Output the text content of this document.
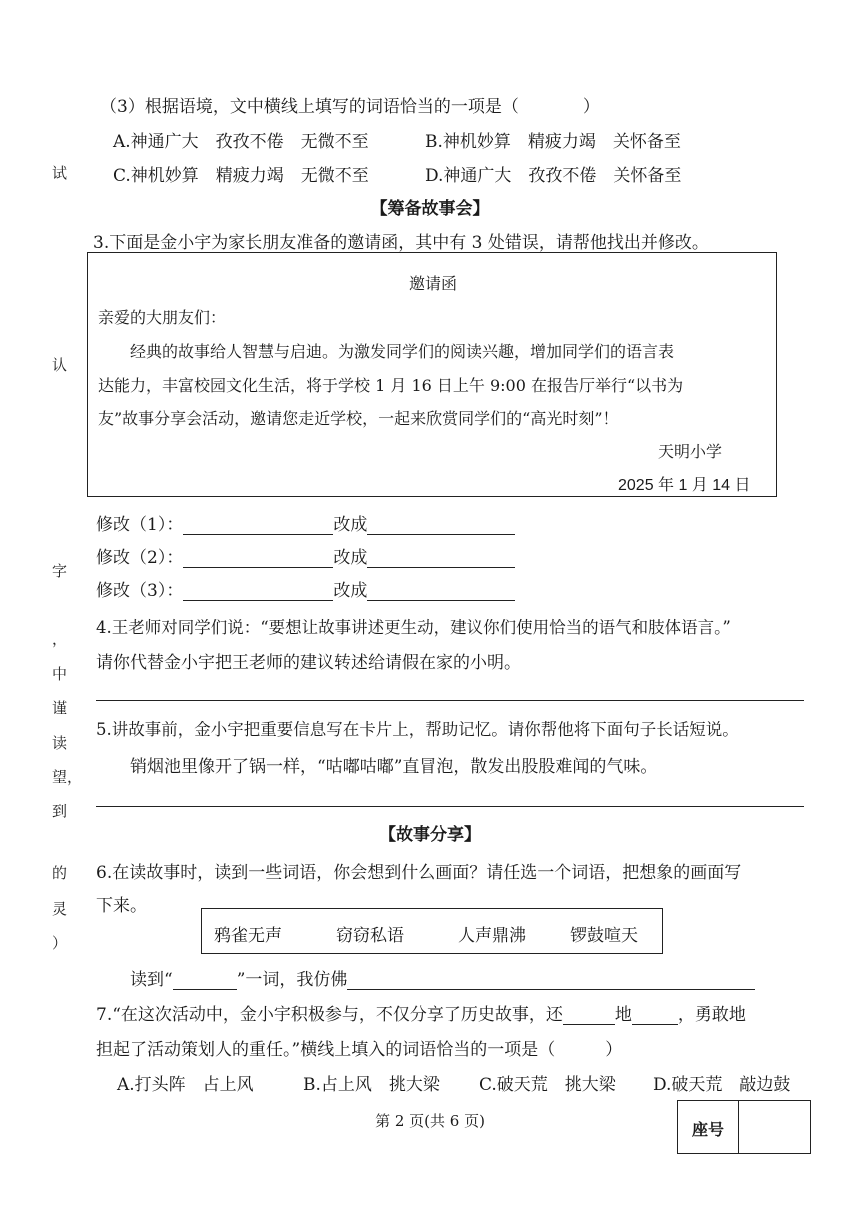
试
认
字
，
中
谨
读
望，
到
的
灵
）
（3）根据语境，文中横线上填写的词语恰当的一项是（	）
A.神通广大　孜孜不倦　无微不至	B.神机妙算　精疲力竭　关怀备至
C.神机妙算　精疲力竭　无微不至	D.神通广大　孜孜不倦　关怀备至
【筹备故事会】
3.下面是金小宇为家长朋友准备的邀请函，其中有 3 处错误，请帮他找出并修改。
邀请函
亲爱的大朋友们：
经典的故事给人智慧与启迪。为激发同学们的阅读兴趣，增加同学们的语言表
达能力，丰富校园文化生活，将于学校 1 月 16 日上午 9:00 在报告厅举行“以书为
友”故事分享会活动，邀请您走近学校，一起来欣赏同学们的“高光时刻”！
天明小学
2025 年 1 月 14 日
修改（1）：	改成
修改（2）：	改成
修改（3）：	改成
4.王老师对同学们说：“要想让故事讲述更生动，建议你们使用恰当的语气和肢体语言。”
请你代替金小宇把王老师的建议转述给请假在家的小明。
5.讲故事前，金小宇把重要信息写在卡片上，帮助记忆。请你帮他将下面句子长话短说。
销烟池里像开了锅一样，“咕嘟咕嘟”直冒泡，散发出股股难闻的气味。
【故事分享】
6.在读故事时，读到一些词语，你会想到什么画面？请任选一个词语，把想象的画面写
下来。
鸦雀无声	窃窃私语	人声鼎沸	锣鼓喧天
读到“	”一词，我仿佛
7.“在这次活动中，金小宇积极参与，不仅分享了历史故事，还	地	，勇敢地
担起了活动策划人的重任。”横线上填入的词语恰当的一项是（	）
A.打头阵　占上风	B.占上风　挑大梁 C.破天荒　挑大梁 D.破天荒　敲边鼓
第 2 页(共 6 页)	座号
